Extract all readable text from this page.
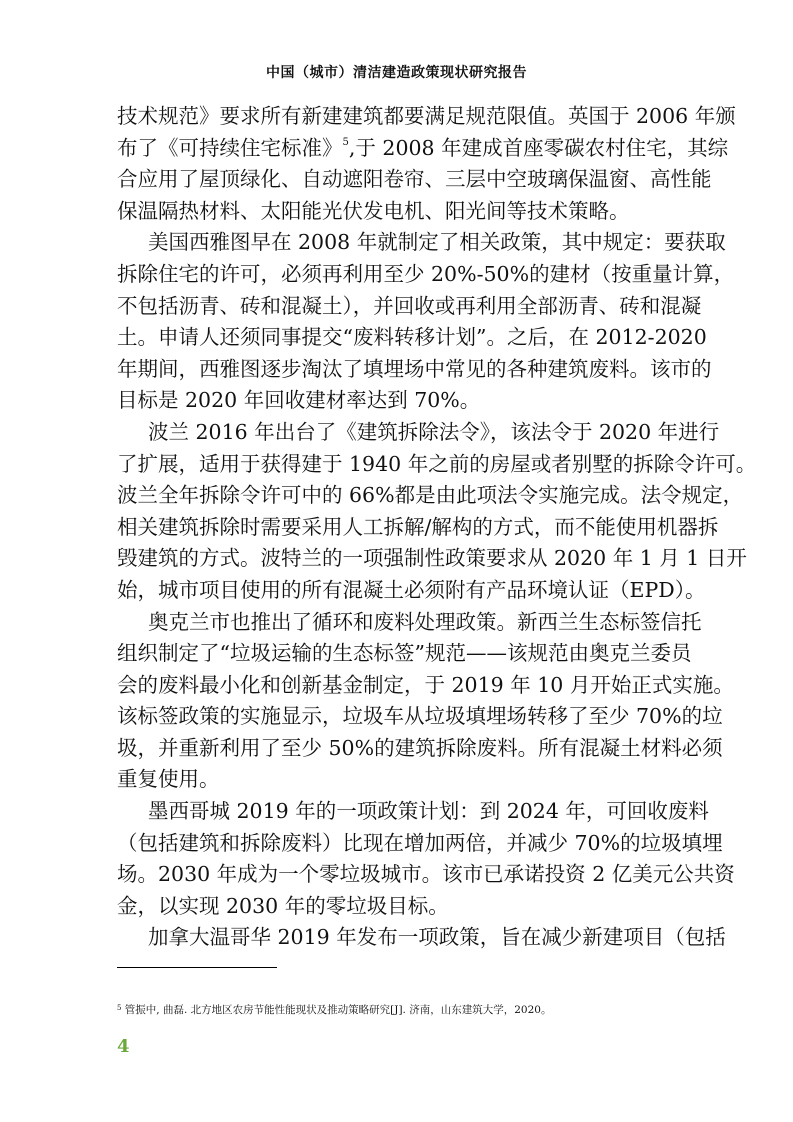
中国（城市）清洁建造政策现状研究报告
技术规范》要求所有新建建筑都要满足规范限值。英国于 2006 年颁
布了《可持续住宅标准》$^5$,于 2008 年建成首座零碳农村住宅，其综
合应用了屋顶绿化、自动遮阳卷帘、三层中空玻璃保温窗、高性能
保温隔热材料、太阳能光伏发电机、阳光间等技术策略。
美国西雅图早在 2008 年就制定了相关政策，其中规定：要获取
拆除住宅的许可，必须再利用至少 20%-50%的建材（按重量计算，
不包括沥青、砖和混凝土），并回收或再利用全部沥青、砖和混凝
土。申请人还须同事提交“废料转移计划”。之后，在 2012-2020
年期间，西雅图逐步淘汰了填埋场中常见的各种建筑废料。该市的
目标是 2020 年回收建材率达到 70%。
波兰 2016 年出台了《建筑拆除法令》，该法令于 2020 年进行
了扩展，适用于获得建于 1940 年之前的房屋或者别墅的拆除令许可。
波兰全年拆除令许可中的 66%都是由此项法令实施完成。法令规定，
相关建筑拆除时需要采用人工拆解/解构的方式，而不能使用机器拆
毁建筑的方式。波特兰的一项强制性政策要求从 2020 年 1 月 1 日开
始，城市项目使用的所有混凝土必须附有产品环境认证（EPD）。
奥克兰市也推出了循环和废料处理政策。新西兰生态标签信托
组织制定了“垃圾运输的生态标签”规范——该规范由奥克兰委员
会的废料最小化和创新基金制定，于 2019 年 10 月开始正式实施。
该标签政策的实施显示，垃圾车从垃圾填埋场转移了至少 70%的垃
圾，并重新利用了至少 50%的建筑拆除废料。所有混凝土材料必须
重复使用。
墨西哥城 2019 年的一项政策计划：到 2024 年，可回收废料
（包括建筑和拆除废料）比现在增加两倍，并减少 70%的垃圾填埋
场。2030 年成为一个零垃圾城市。该市已承诺投资 2 亿美元公共资
金，以实现 2030 年的零垃圾目标。
加拿大温哥华 2019 年发布一项政策，旨在减少新建项目（包括
$^5$ 管振中, 曲磊. 北方地区农房节能性能现状及推动策略研究[J]. 济南，山东建筑大学，2020。
4
